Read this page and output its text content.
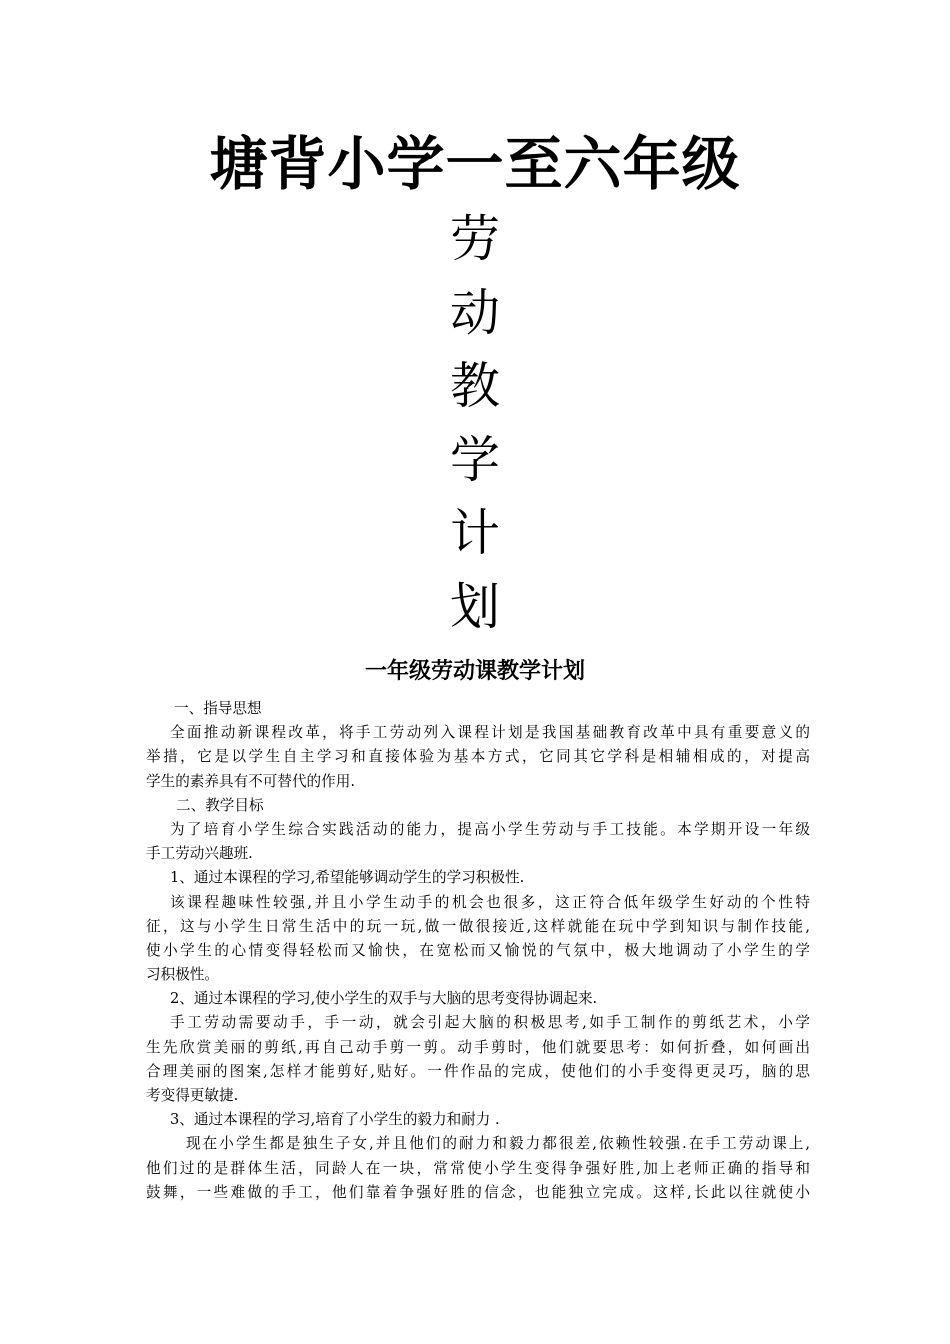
塘背小学一至六年级
劳
动
教
学
计
划
一年级劳动课教学计划
一、指导思想
全面推动新课程改革，将手工劳动列入课程计划是我国基础教育改革中具有重要意义的
举措，它是以学生自主学习和直接体验为基本方式，它同其它学科是相辅相成的，对提高
学生的素养具有不可替代的作用.
二、教学目标
为了培育小学生综合实践活动的能力，提高小学生劳动与手工技能。本学期开设一年级
手工劳动兴趣班.
1、通过本课程的学习,希望能够调动学生的学习积极性.
该课程趣味性较强,并且小学生动手的机会也很多，这正符合低年级学生好动的个性特
征，这与小学生日常生活中的玩一玩,做一做很接近,这样就能在玩中学到知识与制作技能,
使小学生的心情变得轻松而又愉快，在宽松而又愉悦的气氛中，极大地调动了小学生的学
习积极性。
2、通过本课程的学习,使小学生的双手与大脑的思考变得协调起来.
手工劳动需要动手，手一动，就会引起大脑的积极思考,如手工制作的剪纸艺术，小学
生先欣赏美丽的剪纸,再自己动手剪一剪。动手剪时，他们就要思考：如何折叠，如何画出
合理美丽的图案,怎样才能剪好,贴好。一件作品的完成，使他们的小手变得更灵巧，脑的思
考变得更敏捷.
3、通过本课程的学习,培育了小学生的毅力和耐力 .
现在小学生都是独生子女,并且他们的耐力和毅力都很差,依赖性较强.在手工劳动课上,
他们过的是群体生活，同龄人在一块，常常使小学生变得争强好胜,加上老师正确的指导和
鼓舞，一些难做的手工，他们靠着争强好胜的信念，也能独立完成。这样,长此以往就使小
